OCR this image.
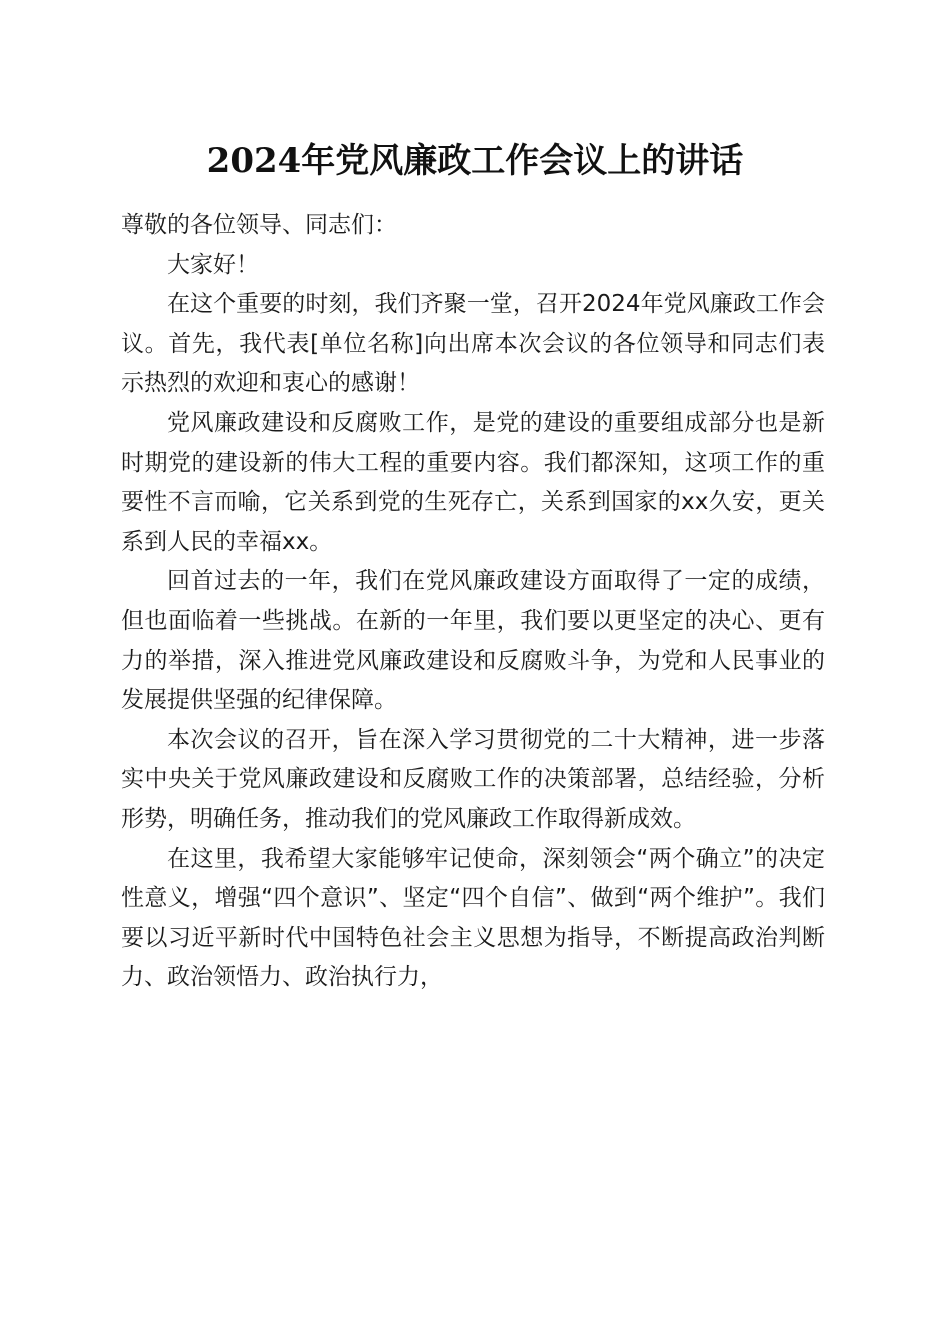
2024年党风廉政工作会议上的讲话

尊敬的各位领导、同志们：

大家好！

在这个重要的时刻，我们齐聚一堂，召开2024年党风廉政工作会议。首先，我代表[单位名称]向出席本次会议的各位领导和同志们表示热烈的欢迎和衷心的感谢！

党风廉政建设和反腐败工作，是党的建设的重要组成部分也是新时期党的建设新的伟大工程的重要内容。我们都深知，这项工作的重要性不言而喻，它关系到党的生死存亡，关系到国家的xx久安，更关系到人民的幸福xx。

回首过去的一年，我们在党风廉政建设方面取得了一定的成绩，但也面临着一些挑战。在新的一年里，我们要以更坚定的决心、更有力的举措，深入推进党风廉政建设和反腐败斗争，为党和人民事业的发展提供坚强的纪律保障。

本次会议的召开，旨在深入学习贯彻党的二十大精神，进一步落实中央关于党风廉政建设和反腐败工作的决策部署，总结经验，分析形势，明确任务，推动我们的党风廉政工作取得新成效。

在这里，我希望大家能够牢记使命，深刻领会“两个确立”的决定性意义，增强“四个意识”、坚定“四个自信”、做到“两个维护”。我们要以习近平新时代中国特色社会主义思想为指导，不断提高政治判断力、政治领悟力、政治执行力，
